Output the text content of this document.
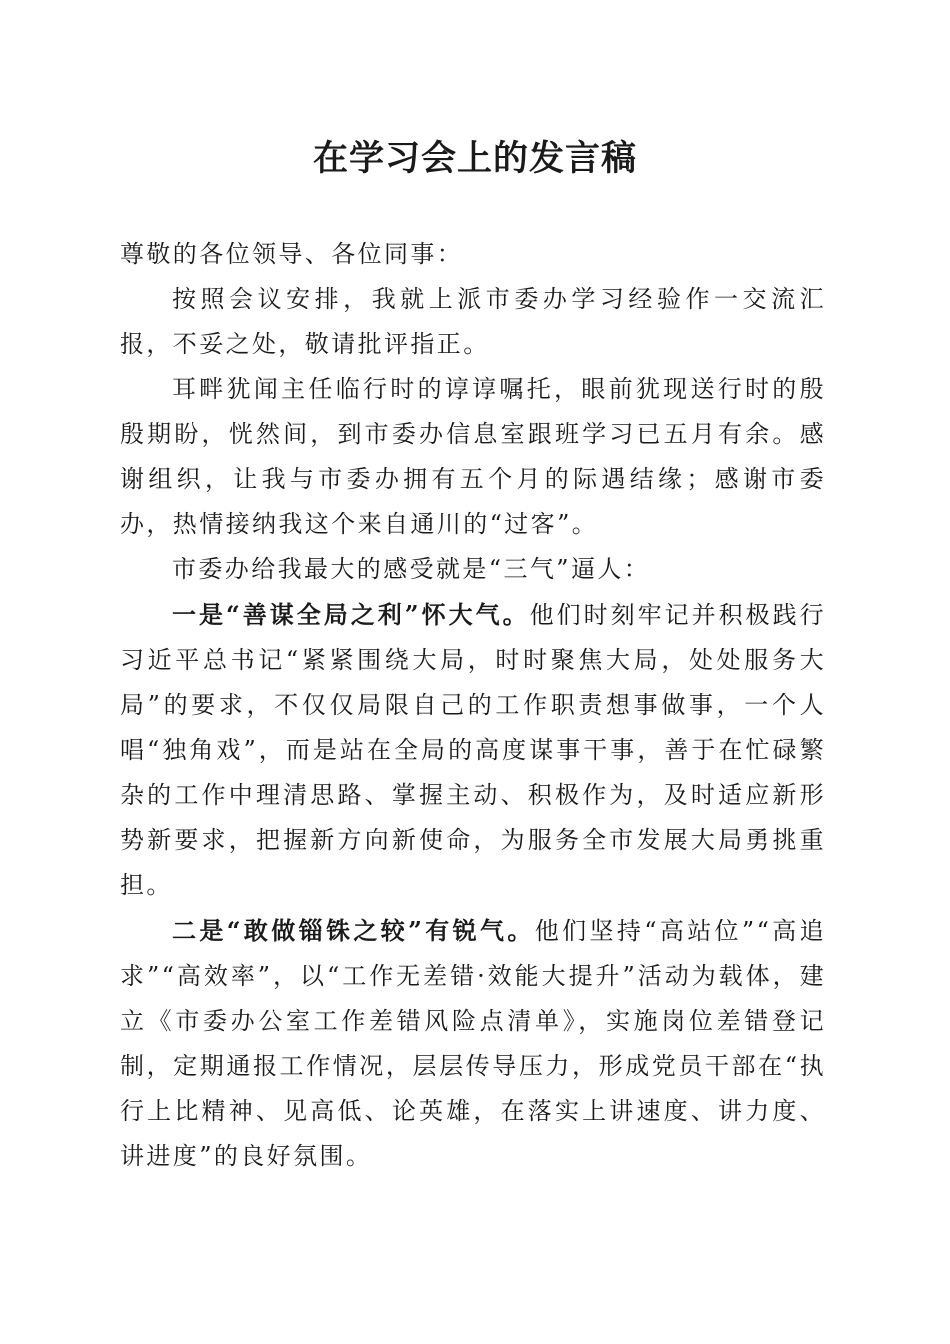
在学习会上的发言稿

尊敬的各位领导、各位同事：

按照会议安排，我就上派市委办学习经验作一交流汇报，不妥之处，敬请批评指正。

耳畔犹闻主任临行时的谆谆嘱托，眼前犹现送行时的殷殷期盼，恍然间，到市委办信息室跟班学习已五月有余。感谢组织，让我与市委办拥有五个月的际遇结缘；感谢市委办，热情接纳我这个来自通川的“过客”。

市委办给我最大的感受就是“三气”逼人：

一是“善谋全局之利”怀大气。他们时刻牢记并积极践行习近平总书记“紧紧围绕大局，时时聚焦大局，处处服务大局”的要求，不仅仅局限自己的工作职责想事做事，一个人唱“独角戏”，而是站在全局的高度谋事干事，善于在忙碌繁杂的工作中理清思路、掌握主动、积极作为，及时适应新形势新要求，把握新方向新使命，为服务全市发展大局勇挑重担。

二是“敢做锱铢之较”有锐气。他们坚持“高站位”“高追求”“高效率”，以“工作无差错·效能大提升”活动为载体，建立《市委办公室工作差错风险点清单》，实施岗位差错登记制，定期通报工作情况，层层传导压力，形成党员干部在“执行上比精神、见高低、论英雄，在落实上讲速度、讲力度、讲进度”的良好氛围。
